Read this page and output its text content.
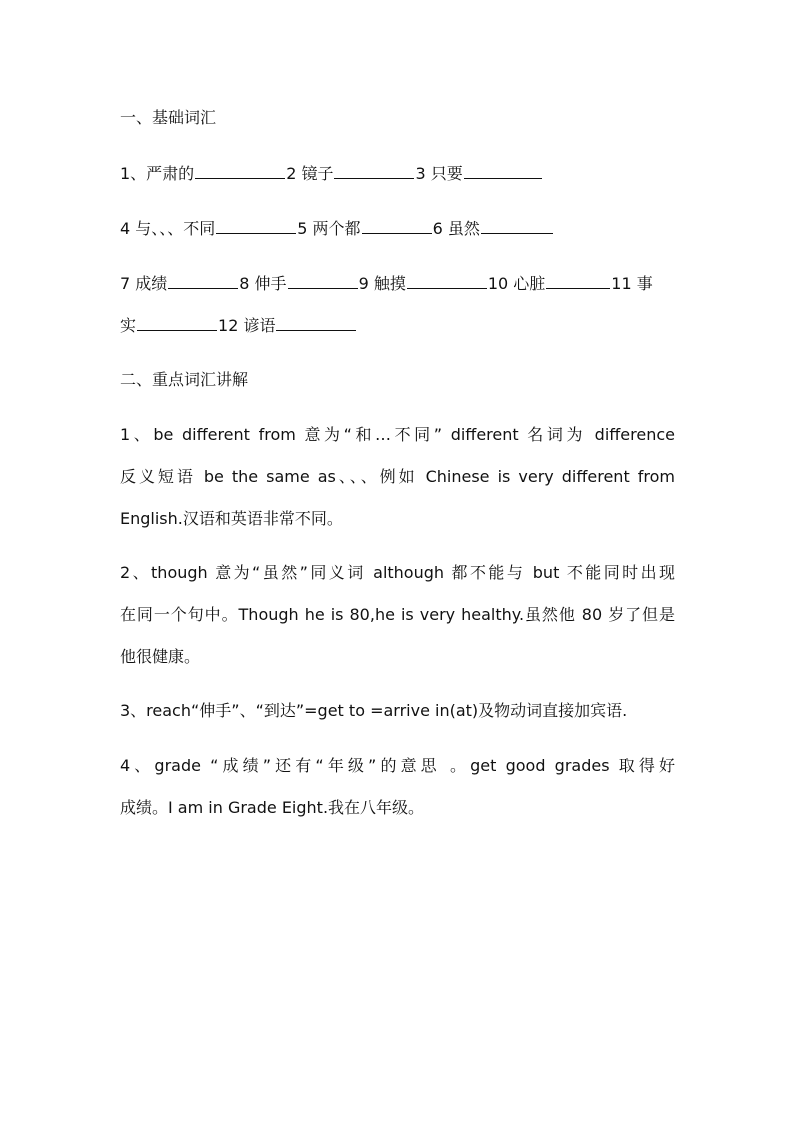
一、基础词汇
1、严肃的	2 镜子	3 只要
4 与、、、不同	5 两个都	6 虽然
7 成绩	8 伸手	9 触摸	10 心脏	11 事
实	12 谚语
二、重点词汇讲解
1、be different from 意为“和…不同” different 名词为 difference
反义短语 be the same as、、、例如 Chinese is very different from
English.汉语和英语非常不同。
2、though 意为“虽然”同义词 although 都不能与 but 不能同时出现
在同一个句中。Though he is 80,he is very healthy.虽然他 80 岁了但是
他很健康。
3、reach“伸手”、“到达”=get to =arrive in(at)及物动词直接加宾语.
4、grade “成绩”还有“年级”的意思 。get good grades 取得好
成绩。I am in Grade Eight.我在八年级。
